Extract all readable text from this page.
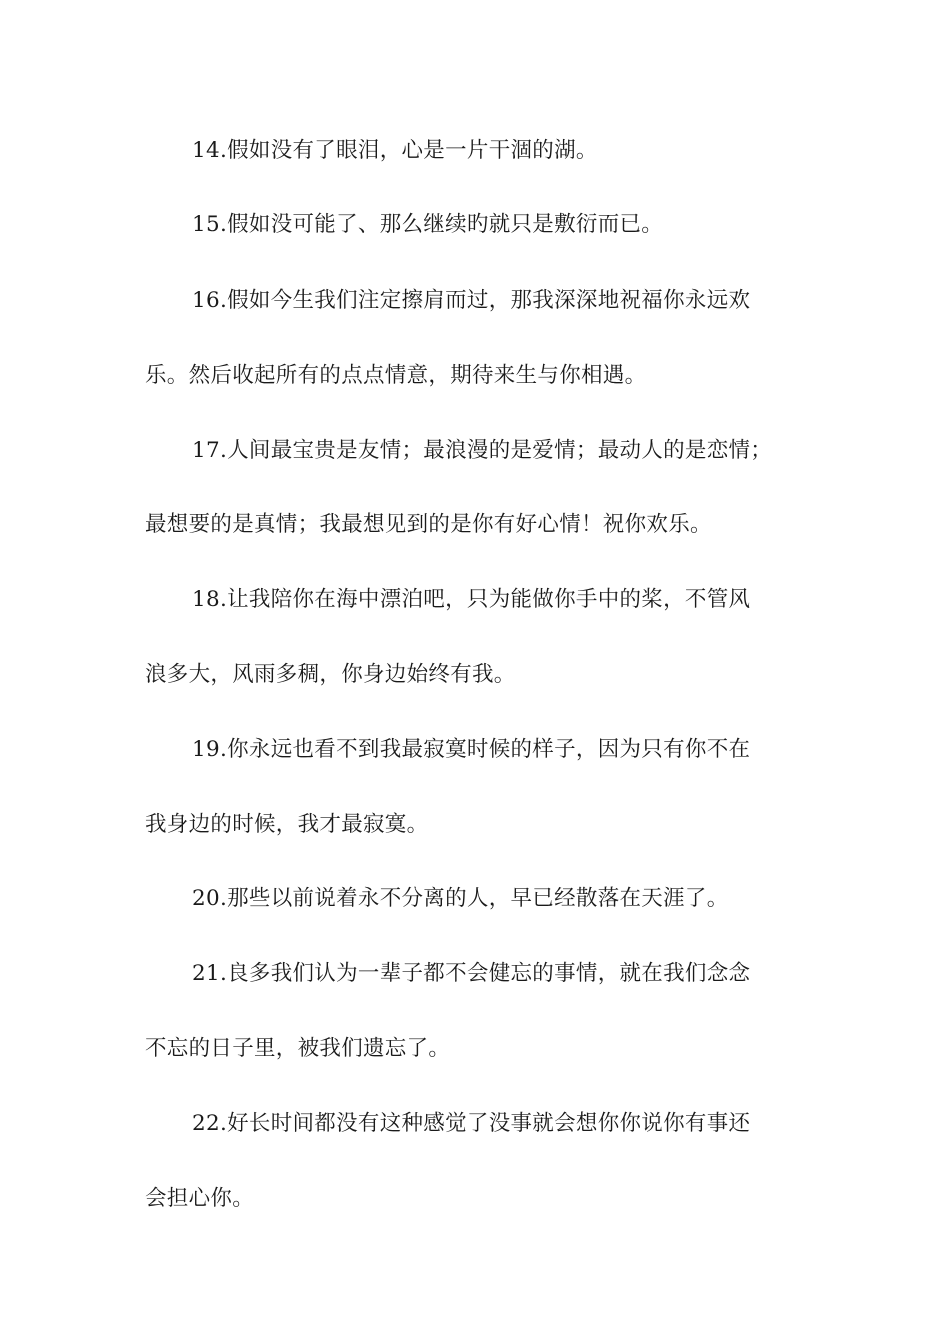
14.假如没有了眼泪，心是一片干涸的湖。
15.假如没可能了、那么继续旳就只是敷衍而已。
16.假如今生我们注定擦肩而过，那我深深地祝福你永远欢
乐。然后收起所有的点点情意，期待来生与你相遇。
17.人间最宝贵是友情；最浪漫的是爱情；最动人的是恋情；
最想要的是真情；我最想见到的是你有好心情！祝你欢乐。
18.让我陪你在海中漂泊吧，只为能做你手中的桨，不管风
浪多大，风雨多稠，你身边始终有我。
19.你永远也看不到我最寂寞时候的样子，因为只有你不在
我身边的时候，我才最寂寞。
20.那些以前说着永不分离的人，早已经散落在天涯了。
21.良多我们认为一辈子都不会健忘的事情，就在我们念念
不忘的日子里，被我们遗忘了。
22.好长时间都没有这种感觉了没事就会想你你说你有事还
会担心你。
